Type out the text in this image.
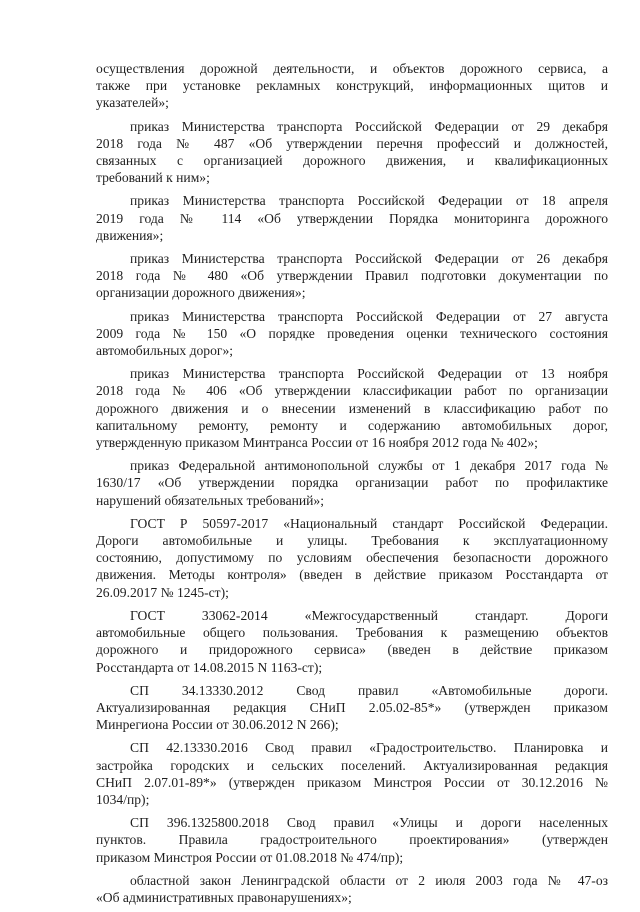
осуществления дорожной деятельности, и объектов дорожного сервиса, а
также при установке рекламных конструкций, информационных щитов и
указателей»;
приказ Министерства транспорта Российской Федерации от 29 декабря
2018 года № 487 «Об утверждении перечня профессий и должностей,
связанных с организацией дорожного движения, и квалификационных
требований к ним»;
приказ Министерства транспорта Российской Федерации от 18 апреля
2019 года № 114 «Об утверждении Порядка мониторинга дорожного
движения»;
приказ Министерства транспорта Российской Федерации от 26 декабря
2018 года № 480 «Об утверждении Правил подготовки документации по
организации дорожного движения»;
приказ Министерства транспорта Российской Федерации от 27 августа
2009 года № 150 «О порядке проведения оценки технического состояния
автомобильных дорог»;
приказ Министерства транспорта Российской Федерации от 13 ноября
2018 года № 406 «Об утверждении классификации работ по организации
дорожного движения и о внесении изменений в классификацию работ по
капитальному ремонту, ремонту и содержанию автомобильных дорог,
утвержденную приказом Минтранса России от 16 ноября 2012 года № 402»;
приказ Федеральной антимонопольной службы от 1 декабря 2017 года №
1630/17 «Об утверждении порядка организации работ по профилактике
нарушений обязательных требований»;
ГОСТ Р 50597-2017 «Национальный стандарт Российской Федерации.
Дороги автомобильные и улицы. Требования к эксплуатационному
состоянию, допустимому по условиям обеспечения безопасности дорожного
движения. Методы контроля» (введен в действие приказом Росстандарта от
26.09.2017 № 1245-ст);
ГОСТ 33062-2014 «Межгосударственный стандарт. Дороги
автомобильные общего пользования. Требования к размещению объектов
дорожного и придорожного сервиса» (введен в действие приказом
Росстандарта от 14.08.2015 N 1163-ст);
СП 34.13330.2012 Свод правил «Автомобильные дороги.
Актуализированная редакция СНиП 2.05.02-85*» (утвержден приказом
Минрегиона России от 30.06.2012 N 266);
СП 42.13330.2016 Свод правил «Градостроительство. Планировка и
застройка городских и сельских поселений. Актуализированная редакция
СНиП 2.07.01-89*» (утвержден приказом Минстроя России от 30.12.2016 №
1034/пр);
СП 396.1325800.2018 Свод правил «Улицы и дороги населенных
пунктов. Правила градостроительного проектирования» (утвержден
приказом Минстроя России от 01.08.2018 № 474/пр);
областной закон Ленинградской области от 2 июля 2003 года № 47-оз
«Об административных правонарушениях»;
